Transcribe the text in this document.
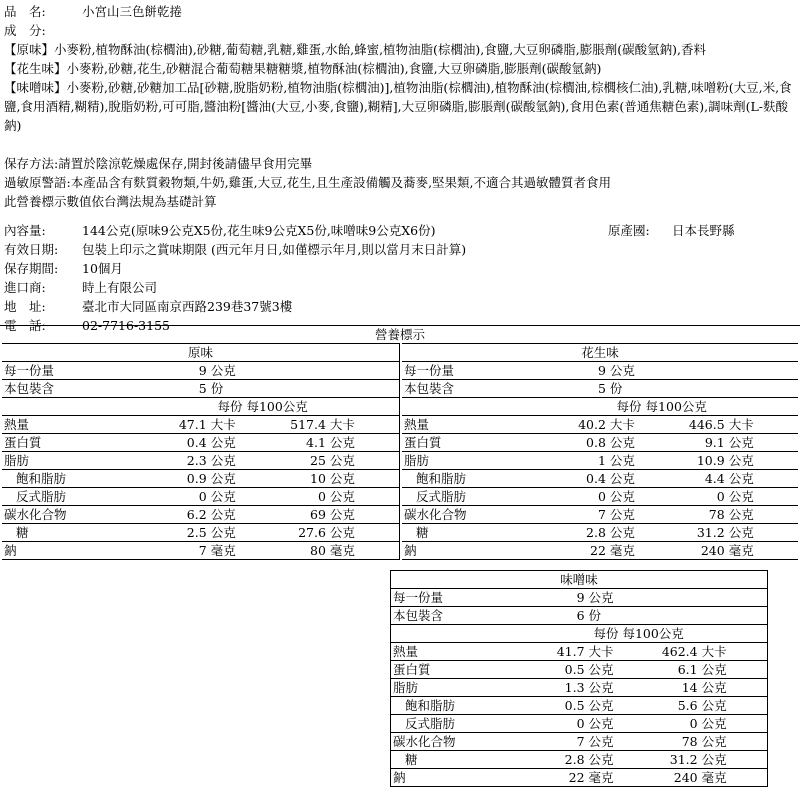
品　名:	小宮山三色餅乾捲
成　分:
【原味】小麥粉,植物酥油(棕櫚油),砂糖,葡萄糖,乳糖,雞蛋,水飴,蜂蜜,植物油脂(棕櫚油),食鹽,大豆卵磷脂,膨脹劑(碳酸氫鈉),香料
【花生味】小麥粉,砂糖,花生,砂糖混合葡萄糖果糖糖漿,植物酥油(棕櫚油),食鹽,大豆卵磷脂,膨脹劑(碳酸氫鈉)
【味噌味】小麥粉,砂糖,砂糖加工品[砂糖,脫脂奶粉,植物油脂(棕櫚油)],植物油脂(棕櫚油),植物酥油(棕櫚油,棕櫚核仁油),乳糖,味噌粉(大豆,米,食鹽,食用酒精,糊精),脫脂奶粉,可可脂,醬油粉[醬油(大豆,小麥,食鹽),糊精],大豆卵磷脂,膨脹劑(碳酸氫鈉),食用色素(普通焦糖色素),調味劑(L-麩酸鈉)
保存方法:請置於陰涼乾燥處保存,開封後請儘早食用完畢
過敏原警語:本產品含有麩質穀物類,牛奶,雞蛋,大豆,花生,且生產設備觸及蕎麥,堅果類,不適合其過敏體質者食用
此營養標示數值依台灣法規為基礎計算
內容量:	144公克(原味9公克X5份,花生味9公克X5份,味噌味9公克X6份)	原產國:	日本長野縣
有效日期:	包裝上印示之賞味期限 (西元年月日,如僅標示年月,則以當月末日計算)
保存期間:	10個月
進口商:	時上有限公司
地　址:	臺北市大同區南京西路239巷37號3樓
電　話:	02-7716-3155
營養標示
原味				
每一份量	9	公克		
本包裝含	5	份		
	每份		每100公克	
熱量	47.1	大卡	517.4	大卡
蛋白質	0.4	公克	4.1	公克
脂肪	2.3	公克	25	公克
飽和脂肪	0.9	公克	10	公克
反式脂肪	0	公克	0	公克
碳水化合物	6.2	公克	69	公克
糖	2.5	公克	27.6	公克
鈉	7	毫克	80	毫克
花生味				
每一份量	9	公克		
本包裝含	5	份		
	每份		每100公克	
熱量	40.2	大卡	446.5	大卡
蛋白質	0.8	公克	9.1	公克
脂肪	1	公克	10.9	公克
飽和脂肪	0.4	公克	4.4	公克
反式脂肪	0	公克	0	公克
碳水化合物	7	公克	78	公克
糖	2.8	公克	31.2	公克
鈉	22	毫克	240	毫克
味噌味				
每一份量	9	公克		
本包裝含	6	份		
	每份		每100公克	
熱量	41.7	大卡	462.4	大卡
蛋白質	0.5	公克	6.1	公克
脂肪	1.3	公克	14	公克
飽和脂肪	0.5	公克	5.6	公克
反式脂肪	0	公克	0	公克
碳水化合物	7	公克	78	公克
糖	2.8	公克	31.2	公克
鈉	22	毫克	240	毫克
